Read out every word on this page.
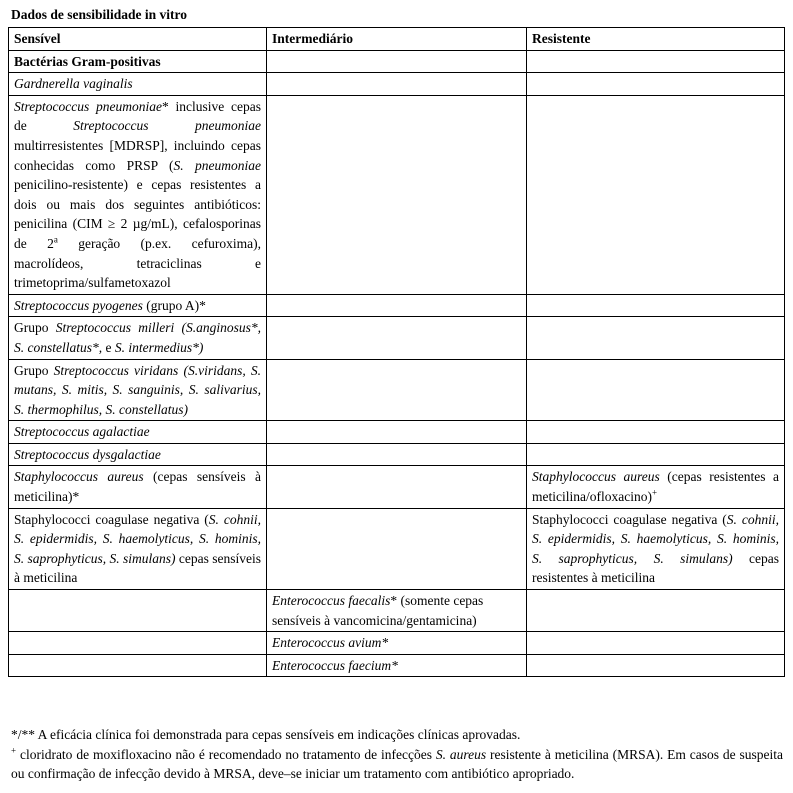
Dados de sensibilidade in vitro
Sensível	Intermediário	Resistente
Bactérias Gram-positivas		
Gardnerella vaginalis		
Streptococcus pneumoniae* inclusive cepas de Streptococcus pneumoniae multirresistentes [MDRSP], incluindo cepas conhecidas como PRSP (S. pneumoniae penicilino-resistente) e cepas resistentes a dois ou mais dos seguintes antibióticos: penicilina (CIM ≥ 2 µg/mL), cefalosporinas de 2$^a$ geração (p.ex. cefuroxima), macrolídeos, tetraciclinas e trimetoprima/sulfametoxazol		
Streptococcus pyogenes (grupo A)*		
Grupo Streptococcus milleri (S.anginosus*, S. constellatus*, e S. intermedius*)		
Grupo Streptococcus viridans (S.viridans, S. mutans, S. mitis, S. sanguinis, S. salivarius, S. thermophilus, S. constellatus)		
Streptococcus agalactiae		
Streptococcus dysgalactiae		
Staphylococcus aureus (cepas sensíveis à meticilina)*		Staphylococcus aureus (cepas resistentes a meticilina/ofloxacino)+
Staphylococci coagulase negativa (S. cohnii, S. epidermidis, S. haemolyticus, S. hominis, S. saprophyticus, S. simulans) cepas sensíveis à meticilina		Staphylococci coagulase negativa (S. cohnii, S. epidermidis, S. haemolyticus, S. hominis, S. saprophyticus, S. simulans) cepas resistentes à meticilina
	Enterococcus faecalis* (somente cepas sensíveis à vancomicina/gentamicina)	
	Enterococcus avium*	
	Enterococcus faecium*	

*/** A eficácia clínica foi demonstrada para cepas sensíveis em indicações clínicas aprovadas.

+ cloridrato de moxifloxacino não é recomendado no tratamento de infecções S. aureus resistente à meticilina (MRSA). Em casos de suspeita ou confirmação de infecção devido à MRSA, deve–se iniciar um tratamento com antibiótico apropriado.
